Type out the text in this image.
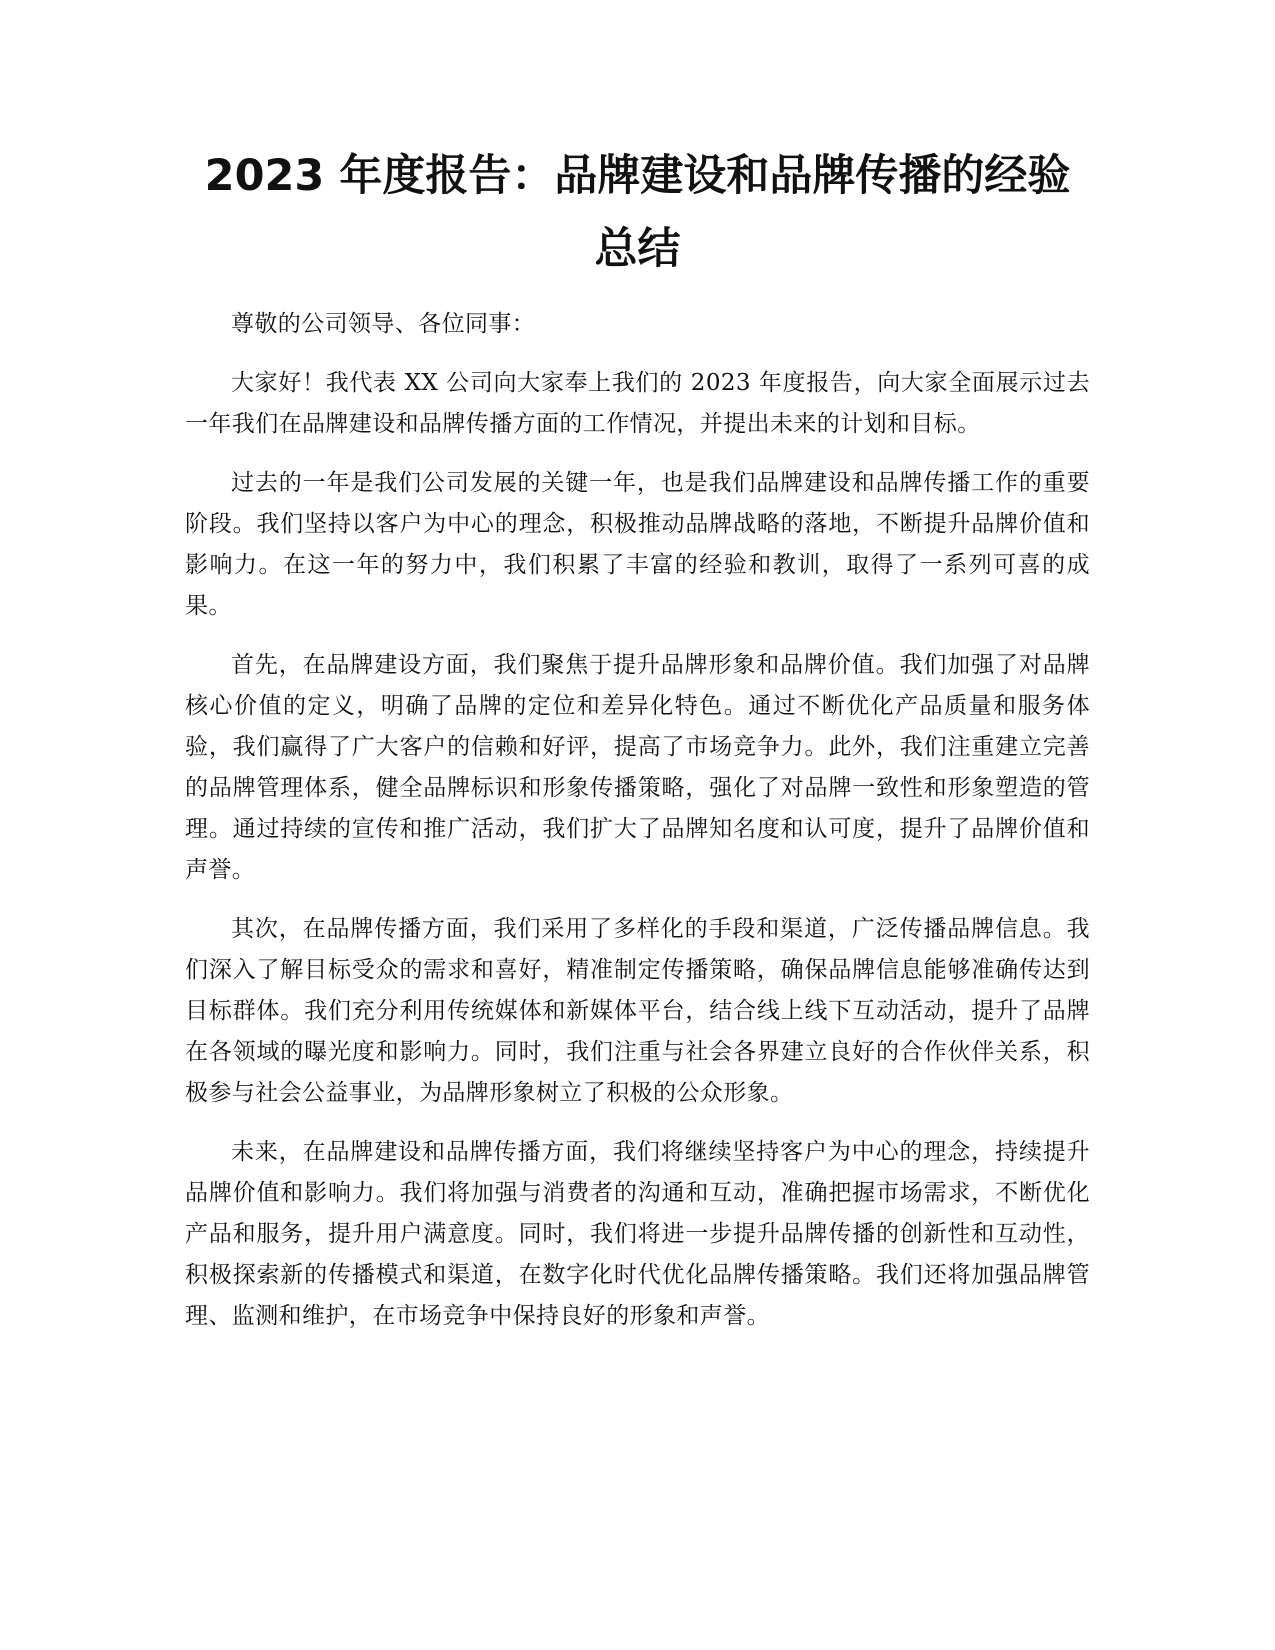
2023 年度报告：品牌建设和品牌传播的经验
总结

尊敬的公司领导、各位同事：

大家好！我代表 XX 公司向大家奉上我们的 2023 年度报告，向大家全面展示过去一年我们在品牌建设和品牌传播方面的工作情况，并提出未来的计划和目标。

过去的一年是我们公司发展的关键一年，也是我们品牌建设和品牌传播工作的重要阶段。我们坚持以客户为中心的理念，积极推动品牌战略的落地，不断提升品牌价值和影响力。在这一年的努力中，我们积累了丰富的经验和教训，取得了一系列可喜的成果。

首先，在品牌建设方面，我们聚焦于提升品牌形象和品牌价值。我们加强了对品牌核心价值的定义，明确了品牌的定位和差异化特色。通过不断优化产品质量和服务体验，我们赢得了广大客户的信赖和好评，提高了市场竞争力。此外，我们注重建立完善的品牌管理体系，健全品牌标识和形象传播策略，强化了对品牌一致性和形象塑造的管理。通过持续的宣传和推广活动，我们扩大了品牌知名度和认可度，提升了品牌价值和声誉。

其次，在品牌传播方面，我们采用了多样化的手段和渠道，广泛传播品牌信息。我们深入了解目标受众的需求和喜好，精准制定传播策略，确保品牌信息能够准确传达到目标群体。我们充分利用传统媒体和新媒体平台，结合线上线下互动活动，提升了品牌在各领域的曝光度和影响力。同时，我们注重与社会各界建立良好的合作伙伴关系，积极参与社会公益事业，为品牌形象树立了积极的公众形象。

未来，在品牌建设和品牌传播方面，我们将继续坚持客户为中心的理念，持续提升品牌价值和影响力。我们将加强与消费者的沟通和互动，准确把握市场需求，不断优化产品和服务，提升用户满意度。同时，我们将进一步提升品牌传播的创新性和互动性，积极探索新的传播模式和渠道，在数字化时代优化品牌传播策略。我们还将加强品牌管理、监测和维护，在市场竞争中保持良好的形象和声誉。
